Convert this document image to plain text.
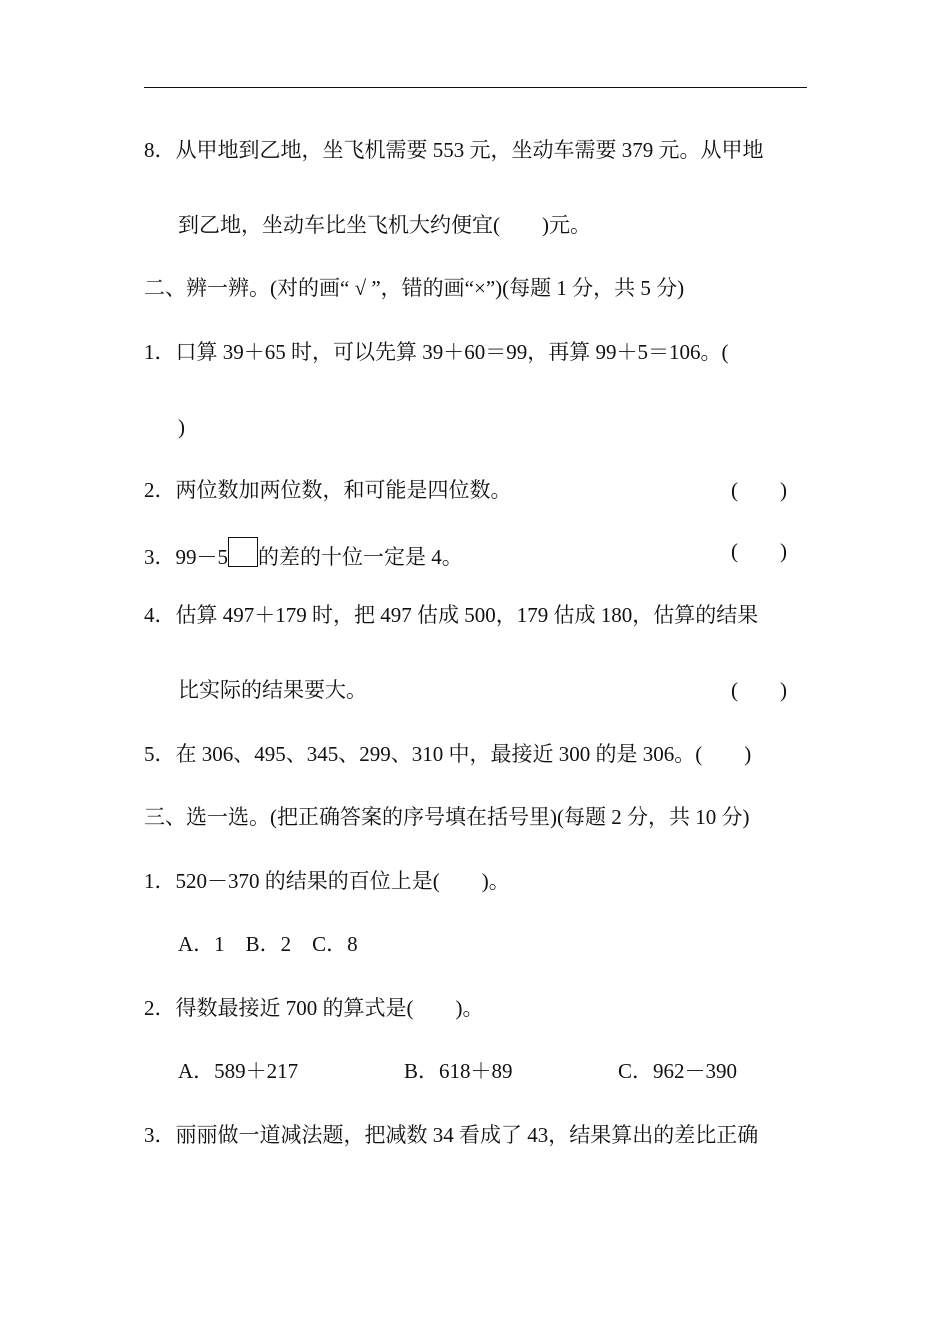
8．从甲地到乙地，坐飞机需要 553 元，坐动车需要 379 元。从甲地
到乙地，坐动车比坐飞机大约便宜(　　)元。
二、辨一辨。(对的画“ √ ”，错的画“×”)(每题 1 分，共 5 分)
1．口算 39＋65 时，可以先算 39＋60＝99，再算 99＋5＝106。(
)
2．两位数加两位数，和可能是四位数。	(　　)
3．99－5 的差的十位一定是 4。	(　　)
4．估算 497＋179 时，把 497 估成 500，179 估成 180，估算的结果
比实际的结果要大。	(　　)
5．在 306、495、345、299、310 中，最接近 300 的是 306。(　　)
三、选一选。(把正确答案的序号填在括号里)(每题 2 分，共 10 分)
1．520－370 的结果的百位上是(　　)。
A．1　B．2　C．8
2．得数最接近 700 的算式是(　　)。
A．589＋217	B．618＋89	C．962－390
3．丽丽做一道减法题，把减数 34 看成了 43，结果算出的差比正确
